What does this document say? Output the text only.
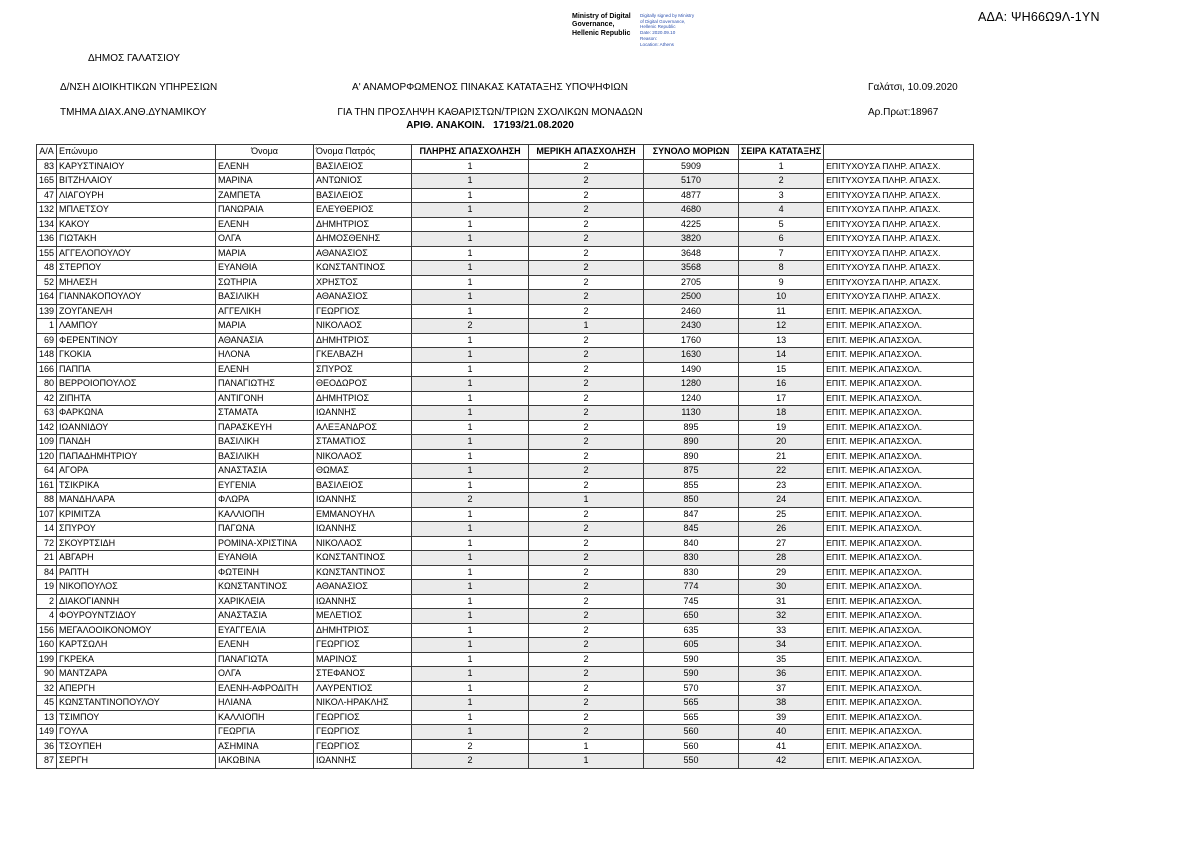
ΑΔΑ: ΨΗ66Ω9Λ-1ΥΝ
Ministry of Digital
Governance,
Hellenic Republic
Digitally signed by Ministry
of Digital Governance,
Hellenic Republic
Date: 2020.09.10
Reason:
Location: Athens
ΔΗΜΟΣ ΓΑΛΑΤΣΙΟΥ
Δ/ΝΣΗ ΔΙΟΙΚΗΤΙΚΩΝ ΥΠΗΡΕΣΙΩΝ
ΤΜΗΜΑ ΔΙΑΧ.ΑΝΘ.ΔΥΝΑΜΙΚΟΥ
Α' ΑΝΑΜΟΡΦΩΜΕΝΟΣ ΠΙΝΑΚΑΣ ΚΑΤΑΤΑΞΗΣ ΥΠΟΨΗΦΙΩΝ
ΓΙΑ ΤΗΝ ΠΡΟΣΛΗΨΗ ΚΑΘΑΡΙΣΤΩΝ/ΤΡΙΩΝ ΣΧΟΛΙΚΩΝ ΜΟΝΑΔΩΝ
ΑΡΙΘ. ΑΝΑΚΟΙΝ. 17193/21.08.2020
Γαλάτσι, 10.09.2020
Αρ.Πρωτ:18967
Α/Α	Επώνυμο	Όνομα	Όνομα Πατρός	ΠΛΗΡΗΣ ΑΠΑΣΧΟΛΗΣΗ	ΜΕΡΙΚΗ ΑΠΑΣΧΟΛΗΣΗ	ΣΥΝΟΛΟ ΜΟΡΙΩΝ	ΣΕΙΡΑ ΚΑΤΑΤΑΞΗΣ	
83	ΚΑΡΥΣΤΙΝΑΙΟΥ	ΕΛΕΝΗ	ΒΑΣΙΛΕΙΟΣ	1	2	5909	1	ΕΠΙΤΥΧΟΥΣΑ ΠΛΗΡ. ΑΠΑΣΧ.
165	ΒΙΤΖΗΛΑΙΟΥ	ΜΑΡΙΝΑ	ΑΝΤΩΝΙΟΣ	1	2	5170	2	ΕΠΙΤΥΧΟΥΣΑ ΠΛΗΡ. ΑΠΑΣΧ.
47	ΛΙΑΓΟΥΡΗ	ΖΑΜΠΕΤΑ	ΒΑΣΙΛΕΙΟΣ	1	2	4877	3	ΕΠΙΤΥΧΟΥΣΑ ΠΛΗΡ. ΑΠΑΣΧ.
132	ΜΠΛΕΤΣΟΥ	ΠΑΝΩΡΑΙΑ	ΕΛΕΥΘΕΡΙΟΣ	1	2	4680	4	ΕΠΙΤΥΧΟΥΣΑ ΠΛΗΡ. ΑΠΑΣΧ.
134	ΚΑΚΟΥ	ΕΛΕΝΗ	ΔΗΜΗΤΡΙΟΣ	1	2	4225	5	ΕΠΙΤΥΧΟΥΣΑ ΠΛΗΡ. ΑΠΑΣΧ.
136	ΓΙΩΤΑΚΗ	ΟΛΓΑ	ΔΗΜΟΣΘΕΝΗΣ	1	2	3820	6	ΕΠΙΤΥΧΟΥΣΑ ΠΛΗΡ. ΑΠΑΣΧ.
155	ΑΓΓΕΛΟΠΟΥΛΟΥ	ΜΑΡΙΑ	ΑΘΑΝΑΣΙΟΣ	1	2	3648	7	ΕΠΙΤΥΧΟΥΣΑ ΠΛΗΡ. ΑΠΑΣΧ.
48	ΣΤΕΡΠΟΥ	ΕΥΑΝΘΙΑ	ΚΩΝΣΤΑΝΤΙΝΟΣ	1	2	3568	8	ΕΠΙΤΥΧΟΥΣΑ ΠΛΗΡ. ΑΠΑΣΧ.
52	ΜΗΛΕΣΗ	ΣΩΤΗΡΙΑ	ΧΡΗΣΤΟΣ	1	2	2705	9	ΕΠΙΤΥΧΟΥΣΑ ΠΛΗΡ. ΑΠΑΣΧ.
164	ΓΙΑΝΝΑΚΟΠΟΥΛΟΥ	ΒΑΣΙΛΙΚΗ	ΑΘΑΝΑΣΙΟΣ	1	2	2500	10	ΕΠΙΤΥΧΟΥΣΑ ΠΛΗΡ. ΑΠΑΣΧ.
139	ΖΟΥΓΑΝΕΛΗ	ΑΓΓΕΛΙΚΗ	ΓΕΩΡΓΙΟΣ	1	2	2460	11	ΕΠΙΤ. ΜΕΡΙΚ.ΑΠΑΣΧΟΛ.
1	ΛΑΜΠΟΥ	ΜΑΡΙΑ	ΝΙΚΟΛΑΟΣ	2	1	2430	12	ΕΠΙΤ. ΜΕΡΙΚ.ΑΠΑΣΧΟΛ.
69	ΦΕΡΕΝΤΙΝΟΥ	ΑΘΑΝΑΣΙΑ	ΔΗΜΗΤΡΙΟΣ	1	2	1760	13	ΕΠΙΤ. ΜΕΡΙΚ.ΑΠΑΣΧΟΛ.
148	ΓΚΟΚΙΑ	ΗΛΟΝΑ	ΓΚΕΛΒΑΖΗ	1	2	1630	14	ΕΠΙΤ. ΜΕΡΙΚ.ΑΠΑΣΧΟΛ.
166	ΠΑΠΠΑ	ΕΛΕΝΗ	ΣΠΥΡΟΣ	1	2	1490	15	ΕΠΙΤ. ΜΕΡΙΚ.ΑΠΑΣΧΟΛ.
80	ΒΕΡΡΟΙΟΠΟΥΛΟΣ	ΠΑΝΑΓΙΩΤΗΣ	ΘΕΟΔΩΡΟΣ	1	2	1280	16	ΕΠΙΤ. ΜΕΡΙΚ.ΑΠΑΣΧΟΛ.
42	ΖΙΠΗΤΑ	ΑΝΤΙΓΟΝΗ	ΔΗΜΗΤΡΙΟΣ	1	2	1240	17	ΕΠΙΤ. ΜΕΡΙΚ.ΑΠΑΣΧΟΛ.
63	ΦΑΡΚΩΝΑ	ΣΤΑΜΑΤΑ	ΙΩΑΝΝΗΣ	1	2	1130	18	ΕΠΙΤ. ΜΕΡΙΚ.ΑΠΑΣΧΟΛ.
142	ΙΩΑΝΝΙΔΟΥ	ΠΑΡΑΣΚΕΥΗ	ΑΛΕΞΑΝΔΡΟΣ	1	2	895	19	ΕΠΙΤ. ΜΕΡΙΚ.ΑΠΑΣΧΟΛ.
109	ΠΑΝΔΗ	ΒΑΣΙΛΙΚΗ	ΣΤΑΜΑΤΙΟΣ	1	2	890	20	ΕΠΙΤ. ΜΕΡΙΚ.ΑΠΑΣΧΟΛ.
120	ΠΑΠΑΔΗΜΗΤΡΙΟΥ	ΒΑΣΙΛΙΚΗ	ΝΙΚΟΛΑΟΣ	1	2	890	21	ΕΠΙΤ. ΜΕΡΙΚ.ΑΠΑΣΧΟΛ.
64	ΑΓΟΡΑ	ΑΝΑΣΤΑΣΙΑ	ΘΩΜΑΣ	1	2	875	22	ΕΠΙΤ. ΜΕΡΙΚ.ΑΠΑΣΧΟΛ.
161	ΤΣΙΚΡΙΚΑ	ΕΥΓΕΝΙΑ	ΒΑΣΙΛΕΙΟΣ	1	2	855	23	ΕΠΙΤ. ΜΕΡΙΚ.ΑΠΑΣΧΟΛ.
88	ΜΑΝΔΗΛΑΡΑ	ΦΛΩΡΑ	ΙΩΑΝΝΗΣ	2	1	850	24	ΕΠΙΤ. ΜΕΡΙΚ.ΑΠΑΣΧΟΛ.
107	ΚΡΙΜΙΤΖΑ	ΚΑΛΛΙΟΠΗ	ΕΜΜΑΝΟΥΗΛ	1	2	847	25	ΕΠΙΤ. ΜΕΡΙΚ.ΑΠΑΣΧΟΛ.
14	ΣΠΥΡΟΥ	ΠΑΓΩΝΑ	ΙΩΑΝΝΗΣ	1	2	845	26	ΕΠΙΤ. ΜΕΡΙΚ.ΑΠΑΣΧΟΛ.
72	ΣΚΟΥΡΤΣΙΔΗ	ΡΟΜΙΝΑ-ΧΡΙΣΤΙΝΑ	ΝΙΚΟΛΑΟΣ	1	2	840	27	ΕΠΙΤ. ΜΕΡΙΚ.ΑΠΑΣΧΟΛ.
21	ΑΒΓΑΡΗ	ΕΥΑΝΘΙΑ	ΚΩΝΣΤΑΝΤΙΝΟΣ	1	2	830	28	ΕΠΙΤ. ΜΕΡΙΚ.ΑΠΑΣΧΟΛ.
84	ΡΑΠΤΗ	ΦΩΤΕΙΝΗ	ΚΩΝΣΤΑΝΤΙΝΟΣ	1	2	830	29	ΕΠΙΤ. ΜΕΡΙΚ.ΑΠΑΣΧΟΛ.
19	ΝΙΚΟΠΟΥΛΟΣ	ΚΩΝΣΤΑΝΤΙΝΟΣ	ΑΘΑΝΑΣΙΟΣ	1	2	774	30	ΕΠΙΤ. ΜΕΡΙΚ.ΑΠΑΣΧΟΛ.
2	ΔΙΑΚΟΓΙΑΝΝΗ	ΧΑΡΙΚΛΕΙΑ	ΙΩΑΝΝΗΣ	1	2	745	31	ΕΠΙΤ. ΜΕΡΙΚ.ΑΠΑΣΧΟΛ.
4	ΦΟΥΡΟΥΝΤΖΙΔΟΥ	ΑΝΑΣΤΑΣΙΑ	ΜΕΛΕΤΙΟΣ	1	2	650	32	ΕΠΙΤ. ΜΕΡΙΚ.ΑΠΑΣΧΟΛ.
156	ΜΕΓΑΛΟΟΙΚΟΝΟΜΟΥ	ΕΥΑΓΓΕΛΙΑ	ΔΗΜΗΤΡΙΟΣ	1	2	635	33	ΕΠΙΤ. ΜΕΡΙΚ.ΑΠΑΣΧΟΛ.
160	ΚΑΡΤΣΩΛΗ	ΕΛΕΝΗ	ΓΕΩΡΓΙΟΣ	1	2	605	34	ΕΠΙΤ. ΜΕΡΙΚ.ΑΠΑΣΧΟΛ.
199	ΓΚΡΕΚΑ	ΠΑΝΑΓΙΩΤΑ	ΜΑΡΙΝΟΣ	1	2	590	35	ΕΠΙΤ. ΜΕΡΙΚ.ΑΠΑΣΧΟΛ.
90	ΜΑΝΤΖΑΡΑ	ΟΛΓΑ	ΣΤΕΦΑΝΟΣ	1	2	590	36	ΕΠΙΤ. ΜΕΡΙΚ.ΑΠΑΣΧΟΛ.
32	ΑΠΕΡΓΗ	ΕΛΕΝΗ-ΑΦΡΟΔΙΤΗ	ΛΑΥΡΕΝΤΙΟΣ	1	2	570	37	ΕΠΙΤ. ΜΕΡΙΚ.ΑΠΑΣΧΟΛ.
45	ΚΩΝΣΤΑΝΤΙΝΟΠΟΥΛΟΥ	ΗΛΙΑΝΑ	ΝΙΚΟΛ-ΗΡΑΚΛΗΣ	1	2	565	38	ΕΠΙΤ. ΜΕΡΙΚ.ΑΠΑΣΧΟΛ.
13	ΤΣΙΜΠΟΥ	ΚΑΛΛΙΟΠΗ	ΓΕΩΡΓΙΟΣ	1	2	565	39	ΕΠΙΤ. ΜΕΡΙΚ.ΑΠΑΣΧΟΛ.
149	ΓΟΥΛΑ	ΓΕΩΡΓΙΑ	ΓΕΩΡΓΙΟΣ	1	2	560	40	ΕΠΙΤ. ΜΕΡΙΚ.ΑΠΑΣΧΟΛ.
36	ΤΣΟΥΠΕΗ	ΑΣΗΜΙΝΑ	ΓΕΩΡΓΙΟΣ	2	1	560	41	ΕΠΙΤ. ΜΕΡΙΚ.ΑΠΑΣΧΟΛ.
87	ΣΕΡΓΗ	ΙΑΚΩΒΙΝΑ	ΙΩΑΝΝΗΣ	2	1	550	42	ΕΠΙΤ. ΜΕΡΙΚ.ΑΠΑΣΧΟΛ.
